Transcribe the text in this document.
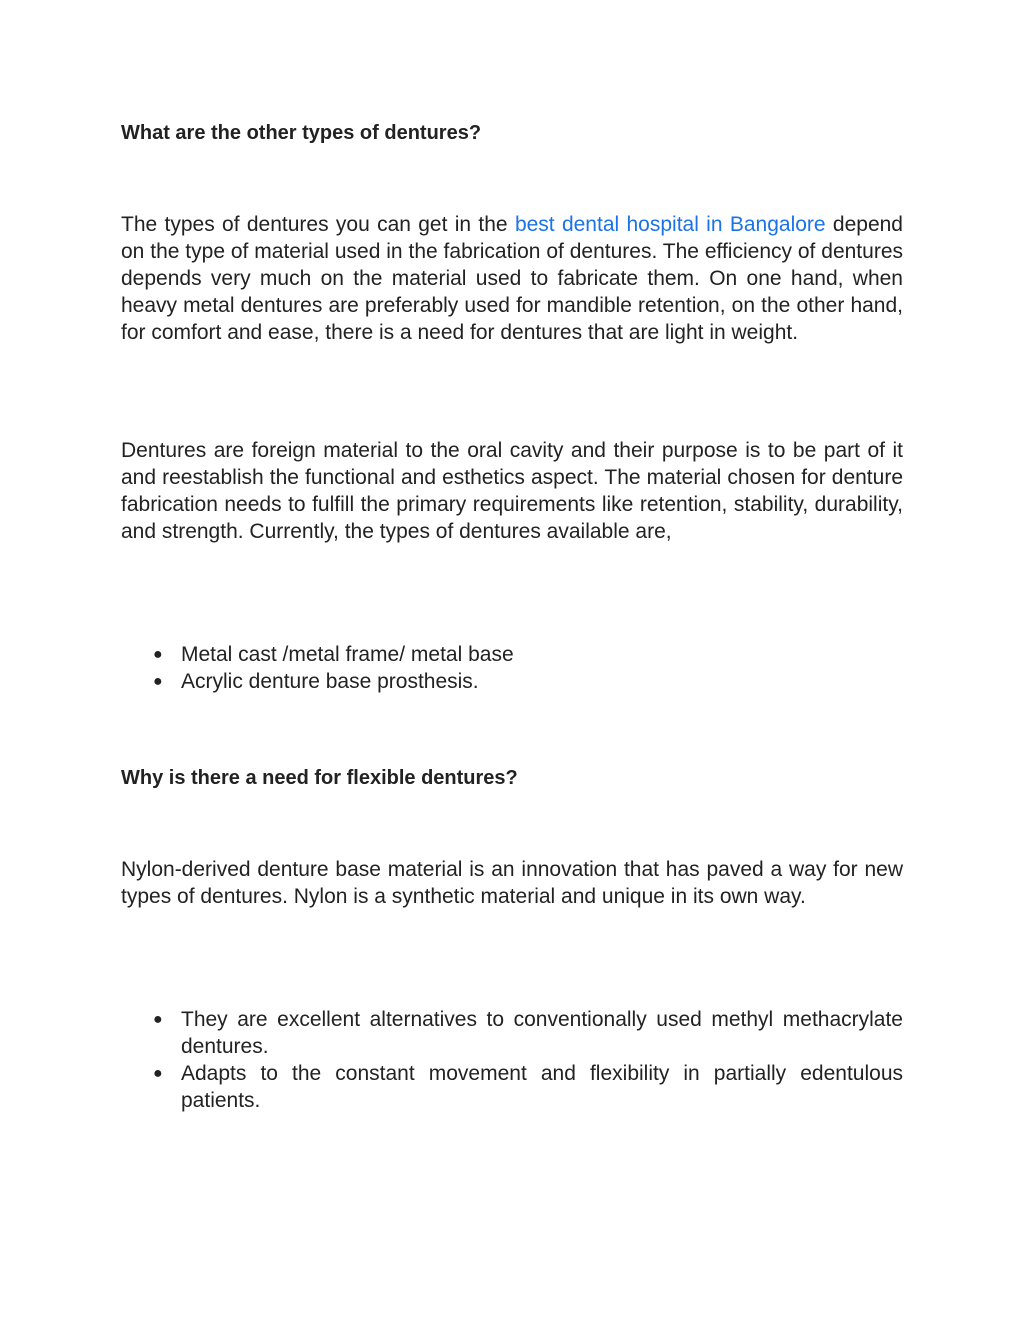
What are the other types of dentures?

The types of dentures you can get in the best dental hospital in Bangalore depend on the type of material used in the fabrication of dentures. The efficiency of dentures depends very much on the material used to fabricate them. On one hand, when heavy metal dentures are preferably used for mandible retention, on the other hand, for comfort and ease, there is a need for dentures that are light in weight.

Dentures are foreign material to the oral cavity and their purpose is to be part of it and reestablish the functional and esthetics aspect. The material chosen for denture fabrication needs to fulfill the primary requirements like retention, stability, durability, and strength. Currently, the types of dentures available are,

● Metal cast /metal frame/ metal base
● Acrylic denture base prosthesis.
Why is there a need for flexible dentures?

Nylon-derived denture base material is an innovation that has paved a way for new types of dentures. Nylon is a synthetic material and unique in its own way.

● They are excellent alternatives to conventionally used methyl methacrylate dentures.
● Adapts to the constant movement and flexibility in partially edentulous patients.
